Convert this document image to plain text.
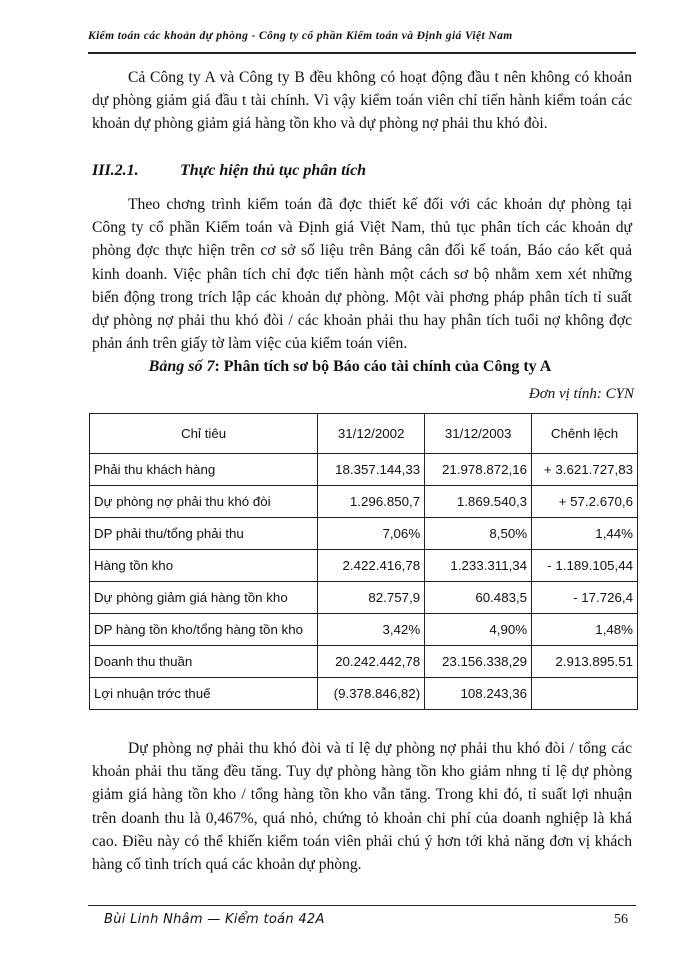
Kiểm toán các khoản dự phòng - Công ty cổ phần Kiểm toán và Định giá Việt Nam

Cả Công ty A và Công ty B đều không có hoạt động đầu t nên không có khoản dự phòng giảm giá đầu t tài chính. Vì vậy kiểm toán viên chỉ tiến hành kiểm toán các khoản dự phòng giảm giá hàng tồn kho và dự phòng nợ phải thu khó đòi.

III.2.1.	Thực hiện thủ tục phân tích

Theo chơng trình kiểm toán đã đợc thiết kế đối với các khoản dự phòng tại Công ty cổ phần Kiểm toán và Định giá Việt Nam, thủ tục phân tích các khoản dự phòng đợc thực hiện trên cơ sở số liệu trên Bảng cân đối kế toán, Báo cáo kết quả kinh doanh. Việc phân tích chỉ đợc tiến hành một cách sơ bộ nhằm xem xét những biến động trong trích lập các khoản dự phòng. Một vài phơng pháp phân tích tỉ suất dự phòng nợ phải thu khó đòi / các khoản phải thu hay phân tích tuổi nợ không đợc phản ánh trên giấy tờ làm việc của kiểm toán viên.

Bảng số 7: Phân tích sơ bộ Báo cáo tài chính của Công ty A
Đơn vị tính: CYN
Chỉ tiêu	31/12/2002	31/12/2003	Chênh lệch
Phải thu khách hàng	18.357.144,33	21.978.872,16	+ 3.621.727,83
Dự phòng nợ phải thu khó đòi	1.296.850,7	1.869.540,3	+ 57.2.670,6
DP phải thu/tổng phải thu	7,06%	8,50%	1,44%
Hàng tồn kho	2.422.416,78	1.233.311,34	- 1.189.105,44
Dự phòng giảm giá hàng tồn kho	82.757,9	60.483,5	- 17.726,4
DP hàng tồn kho/tổng hàng tồn kho	3,42%	4,90%	1,48%
Doanh thu thuần	20.242.442,78	23.156.338,29	2.913.895.51
Lợi nhuận trớc thuế	(9.378.846,82)	108.243,36	

Dự phòng nợ phải thu khó đòi và tỉ lệ dự phòng nợ phải thu khó đòi / tổng các khoản phải thu tăng đều tăng. Tuy dự phòng hàng tồn kho giảm nhng tỉ lệ dự phòng giảm giá hàng tồn kho / tổng hàng tồn kho vẫn tăng. Trong khi đó, tỉ suất lợi nhuận trên doanh thu là 0,467%, quá nhỏ, chứng tỏ khoản chi phí của doanh nghiệp là khá cao. Điều này có thể khiến kiểm toán viên phải chú ý hơn tới khả năng đơn vị khách hàng cố tình trích quá các khoản dự phòng.

Bùi Linh Nhâm — Kiểm toán 42A	56
